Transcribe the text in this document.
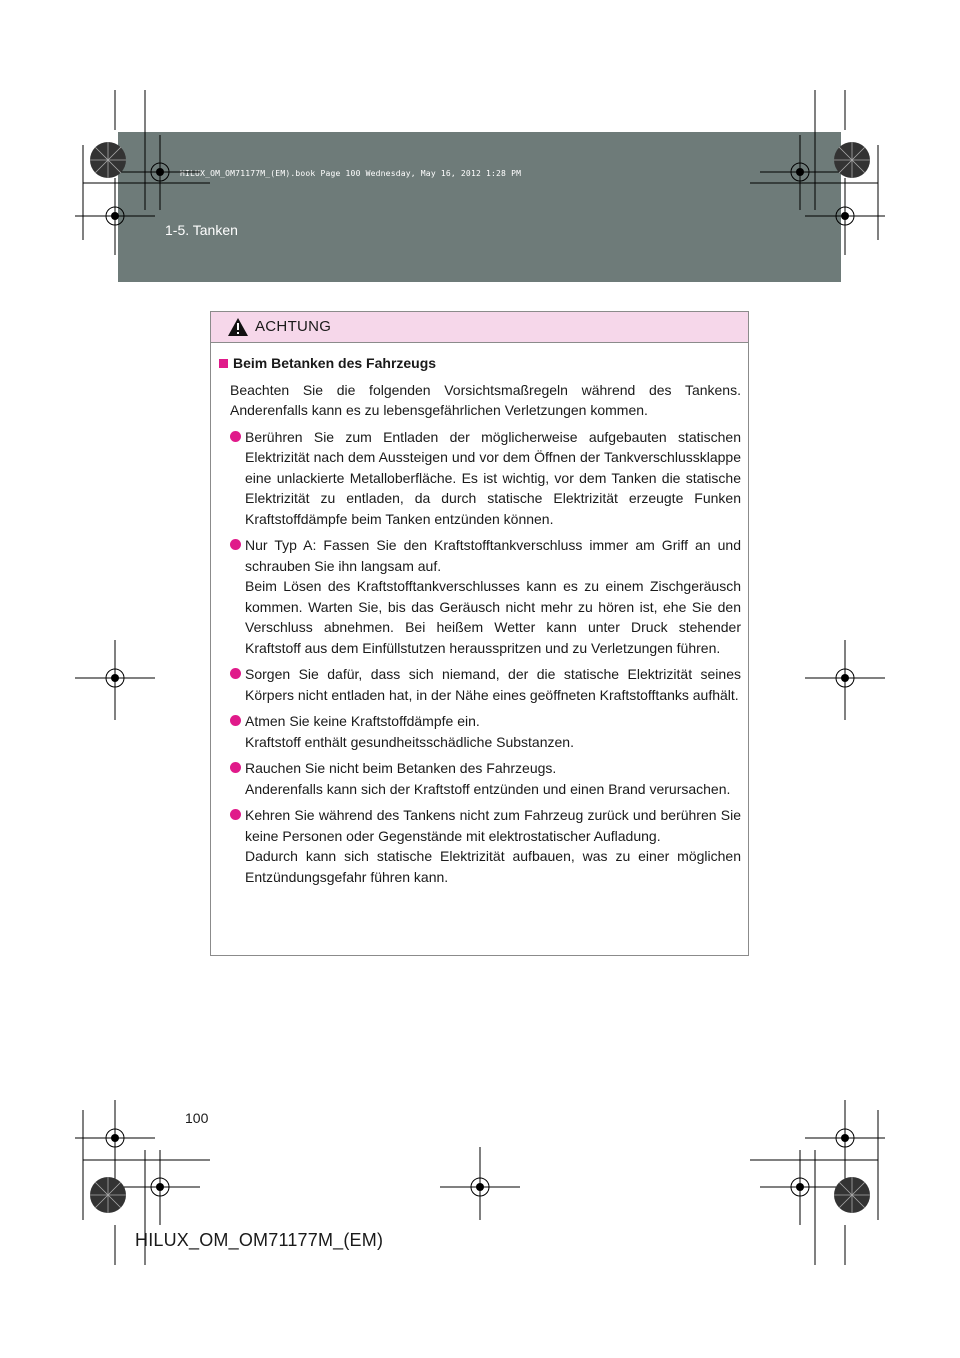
HILUX_OM_OM71177M_(EM).book Page 100 Wednesday, May 16, 2012 1:28 PM
1-5. Tanken
ACHTUNG
Beim Betanken des Fahrzeugs
Beachten Sie die folgenden Vorsichtsmaßregeln während des Tankens. Anderenfalls kann es zu lebensgefährlichen Verletzungen kommen.

Berühren Sie zum Entladen der möglicherweise aufgebauten statischen Elektrizität nach dem Aussteigen und vor dem Öffnen der Tankverschlussklappe eine unlackierte Metalloberfläche. Es ist wichtig, vor dem Tanken die statische Elektrizität zu entladen, da durch statische Elektrizität erzeugte Funken Kraftstoffdämpfe beim Tanken entzünden können.

Nur Typ A: Fassen Sie den Kraftstofftankverschluss immer am Griff an und schrauben Sie ihn langsam auf.

Beim Lösen des Kraftstofftankverschlusses kann es zu einem Zischgeräusch kommen. Warten Sie, bis das Geräusch nicht mehr zu hören ist, ehe Sie den Verschluss abnehmen. Bei heißem Wetter kann unter Druck stehender Kraftstoff aus dem Einfüllstutzen herausspritzen und zu Verletzungen führen.

Sorgen Sie dafür, dass sich niemand, der die statische Elektrizität seines Körpers nicht entladen hat, in der Nähe eines geöffneten Kraftstofftanks aufhält.

Atmen Sie keine Kraftstoffdämpfe ein.

Kraftstoff enthält gesundheitsschädliche Substanzen.

Rauchen Sie nicht beim Betanken des Fahrzeugs.

Anderenfalls kann sich der Kraftstoff entzünden und einen Brand verursachen.

Kehren Sie während des Tankens nicht zum Fahrzeug zurück und berühren Sie keine Personen oder Gegenstände mit elektrostatischer Aufladung.

Dadurch kann sich statische Elektrizität aufbauen, was zu einer möglichen Entzündungsgefahr führen kann.

100
HILUX_OM_OM71177M_(EM)
